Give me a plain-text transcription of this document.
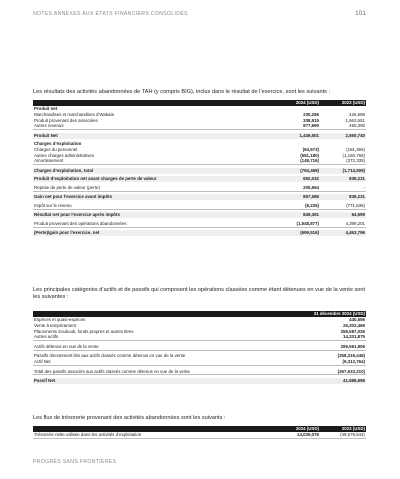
NOTES ANNEXES AUX ÉTATS FINANCIERS CONSOLIDÉS	101
Les résultats des activités abandonnées de TAH (y compris BIG), inclus dans le résultat de l’exercice, sont les suivants :
	2024 (USD)	2023 (USD)
Produit net		
Marchandises et marchandises d’Wakala	230,296	426,689
Produit provenant des associées	338,515	1,663,651
Autres revenus	877,690	460,390

Produit Net	1,446,501	2,550,740

Charges d’exploitation		
Charges du personnel	(94,573)	(181,366)
Autres charges administratives	(551,180)	(1,160,766)
Amortissement	(148,716)	(372,335)

Charges d’exploitation, total	(794,469)	(1,714,509)

Produit d’exploitation net avant charges de perte de valeur	652,032	836,231

Reprise de perte de valeur (perte)	205,554	-

Gain net pour l’exercice avant impôts	857,586	836,231

Impôt sur le revenu	(8,225)	(771,636)

Résultat net pour l’exercice après impôts	849,361	64,595

Produit provenant des opérations abandonnées	(1,548,877)	4,399,201

(Perte)/gain pour l’exercice, net	(699,516)	4,463,796
Les principales catégories d’actifs et de passifs qui composent les opérations classées comme étant détenues en vue de la vente sont les suivantes :
	31 décembre 2024 (USD)
Espèces et quasi-espèces	440,556
Vente à tempérament	26,202,469
Placements Soukouk, fonds propres et autres titres	258,587,026
Autres actifs	14,331,875

Actifs détenus en vue de la vente	299,561,906

Passifs directement liés aux actifs classés comme détenus en vue de la vente	(258,319,446)
Actif Net	(9,313,764)

Total des passifs associés aux actifs classés comme détenus en vue de la vente	(267,633,210)

Passif Net	41,588,696
Les flux de trésorerie provenant des activités abandonnées sont les suivants :
	2024 (USD)	2023 (USD)
Trésorerie nette utilisée dans les activités d’exploitation	14,035,076	(49,579,544)
PROGRÈS SANS FRONTIÈRES
